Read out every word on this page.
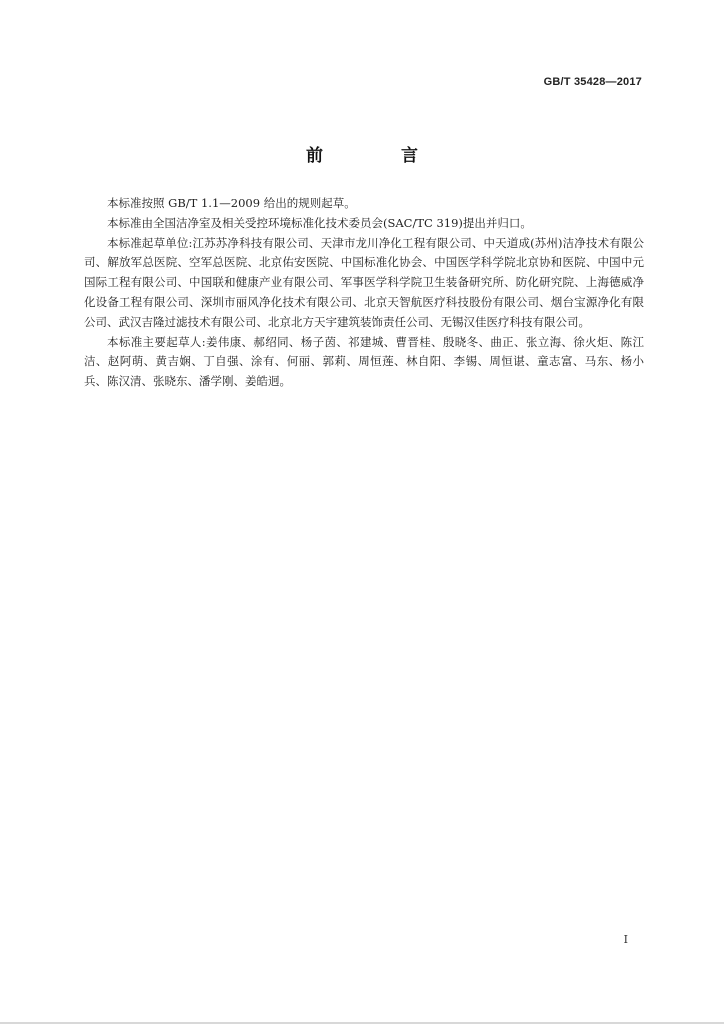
GB/T 35428—2017
前 言

本标准按照 GB/T 1.1—2009 给出的规则起草。

本标准由全国洁净室及相关受控环境标准化技术委员会(SAC/TC 319)提出并归口。

本标准起草单位:江苏苏净科技有限公司、天津市龙川净化工程有限公司、中天道成(苏州)洁净技术有限公司、解放军总医院、空军总医院、北京佑安医院、中国标准化协会、中国医学科学院北京协和医院、中国中元国际工程有限公司、中国联和健康产业有限公司、军事医学科学院卫生装备研究所、防化研究院、上海德威净化设备工程有限公司、深圳市丽风净化技术有限公司、北京天智航医疗科技股份有限公司、烟台宝源净化有限公司、武汉吉隆过滤技术有限公司、北京北方天宇建筑装饰责任公司、无锡汉佳医疗科技有限公司。

本标准主要起草人:姜伟康、郝绍同、杨子茵、祁建城、曹晋桂、殷晓冬、曲正、张立海、徐火炬、陈江洁、赵阿萌、黄吉娴、丁自强、涂有、何丽、郭莉、周恒莲、林自阳、李锡、周恒谌、童志富、马东、杨小兵、陈汉清、张晓东、潘学刚、姜皓迥。

I
